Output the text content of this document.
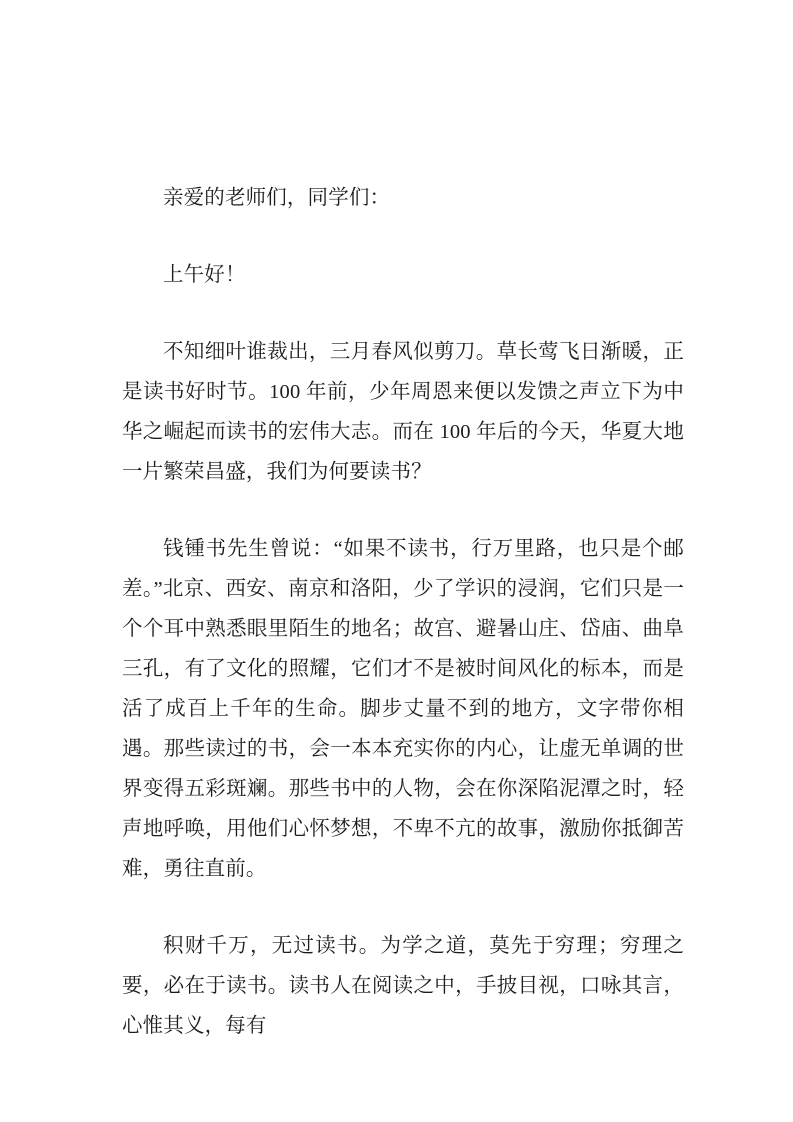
亲爱的老师们，同学们：

上午好！

不知细叶谁裁出，三月春风似剪刀。草长莺飞日渐暖，正是读书好时节。100 年前，少年周恩来便以发馈之声立下为中华之崛起而读书的宏伟大志。而在 100 年后的今天，华夏大地一片繁荣昌盛，我们为何要读书？

钱锺书先生曾说：“如果不读书，行万里路，也只是个邮差。”北京、西安、南京和洛阳，少了学识的浸润，它们只是一个个耳中熟悉眼里陌生的地名；故宫、避暑山庄、岱庙、曲阜三孔，有了文化的照耀，它们才不是被时间风化的标本，而是活了成百上千年的生命。脚步丈量不到的地方，文字带你相遇。那些读过的书，会一本本充实你的内心，让虚无单调的世界变得五彩斑斓。那些书中的人物，会在你深陷泥潭之时，轻声地呼唤，用他们心怀梦想，不卑不亢的故事，激励你抵御苦难，勇往直前。

积财千万，无过读书。为学之道，莫先于穷理；穷理之要，必在于读书。读书人在阅读之中，手披目视，口咏其言，心惟其义，每有
